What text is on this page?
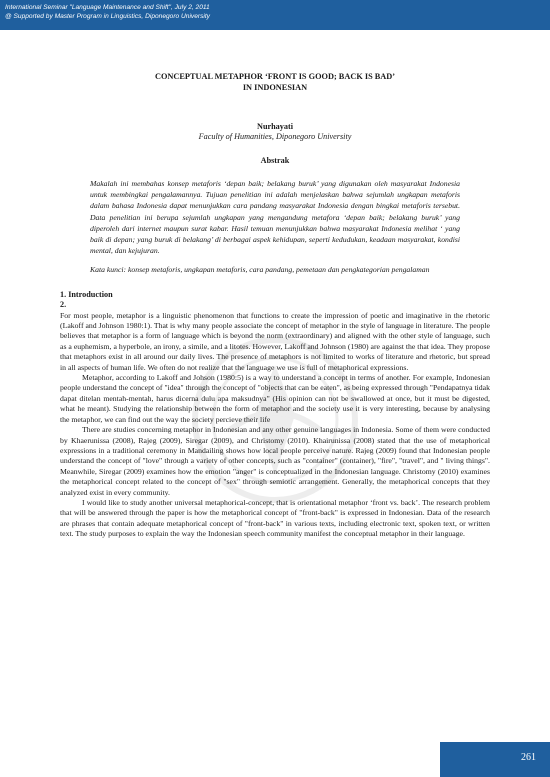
International Seminar "Language Maintenance and Shift", July 2, 2011
@ Supported by Master Program in Linguistics, Diponegoro University
CONCEPTUAL METAPHOR ‘FRONT IS GOOD; BACK IS BAD’
IN INDONESIAN
Nurhayati
Faculty of Humanities, Diponegoro University
Abstrak
Makalah ini membahas konsep metaforis ‘depan baik; belakang buruk’ yang digunakan oleh masyarakat Indonesia untuk membingkai pengalamannya. Tujuan penelitian ini adalah menjelaskan bahwa sejumlah ungkapan metaforis dalam bahasa Indonesia dapat menunjukkan cara pandang masyarakat Indonesia dengan bingkai metaforis tersebut. Data penelitian ini berupa sejumlah ungkapan yang mengandung metafora ‘depan baik; belakang buruk’ yang diperoleh dari internet maupun surat kabar. Hasil temuan menunjukkan bahwa masyarakat Indonesia melihat ‘ yang baik di depan; yang buruk di belakang’ di berbagai aspek kehidupan, seperti kedudukan, keadaan masyarakat, kondisi mental, dan kejujuran.
Kata kunci: konsep metaforis, ungkapan metaforis, cara pandang, pemetaan dan pengkategorian pengalaman
1. Introduction
2.

For most people, metaphor is a linguistic phenomenon that functions to create the impression of poetic and imaginative in the rhetoric (Lakoff and Johnson 1980:1). That is why many people associate the concept of metaphor in the style of language in literature. The people believes that metaphor is a form of language which is beyond the norm (extraordinary) and aligned with the other style of language, such as a euphemism, a hyperbole, an irony, a simile, and a litotes. However, Lakoff and Johnson (1980) are against the that idea. They propose that metaphors exist in all around our daily lives. The presence of metaphors is not limited to works of literature and rhetoric, but spread in all aspects of human life. We often do not realize that the language we use is full of metaphorical expressions.

Metaphor, according to Lakoff and Johson (1980:5) is a way to understand a concept in terms of another. For example, Indonesian people understand the concept of "idea" through the concept of "objects that can be eaten", as being expressed through "Pendapatnya tidak dapat ditelan mentah-mentah, harus dicerna dulu apa maksudnya" (His opinion can not be swallowed at once, but it must be digested, what he meant). Studying the relationship between the form of metaphor and the society use it is very interesting, because by analysing the metaphor, we can find out the way the society percieve their life

There are studies concerning metaphor in Indonesian and any other genuine languages in Indonesia. Some of them were conducted by Khaerunissa (2008), Rajeg (2009), Siregar (2009), and Christomy (2010). Khairunissa (2008) stated that the use of metaphorical expressions in a traditional ceremony in Mandailing shows how local people perceive nature. Rajeg (2009) found that Indonesian people understand the concept of "love" through a variety of other concepts, such as "container" (container), "fire", "travel", and " living things". Meanwhile, Siregar (2009) examines how the emotion "anger" is conceptualized in the Indonesian language. Christomy (2010) examines the metaphorical concept related to the concept of "sex" through semiotic arrangement. Generally, the metaphorical concepts that they analyzed exist in every community.

I would like to study another universal metaphorical-concept, that is orientational metaphor ‘front vs. back’. The research problem that will be answered through the paper is how the metaphorical concept of "front-back" is expressed in Indonesian. Data of the research are phrases that contain adequate metaphorical concept of "front-back" in various texts, including electronic text, spoken text, or written text. The study purposes to explain the way the Indonesian speech community manifest the conceptual metaphor in their language.

261
